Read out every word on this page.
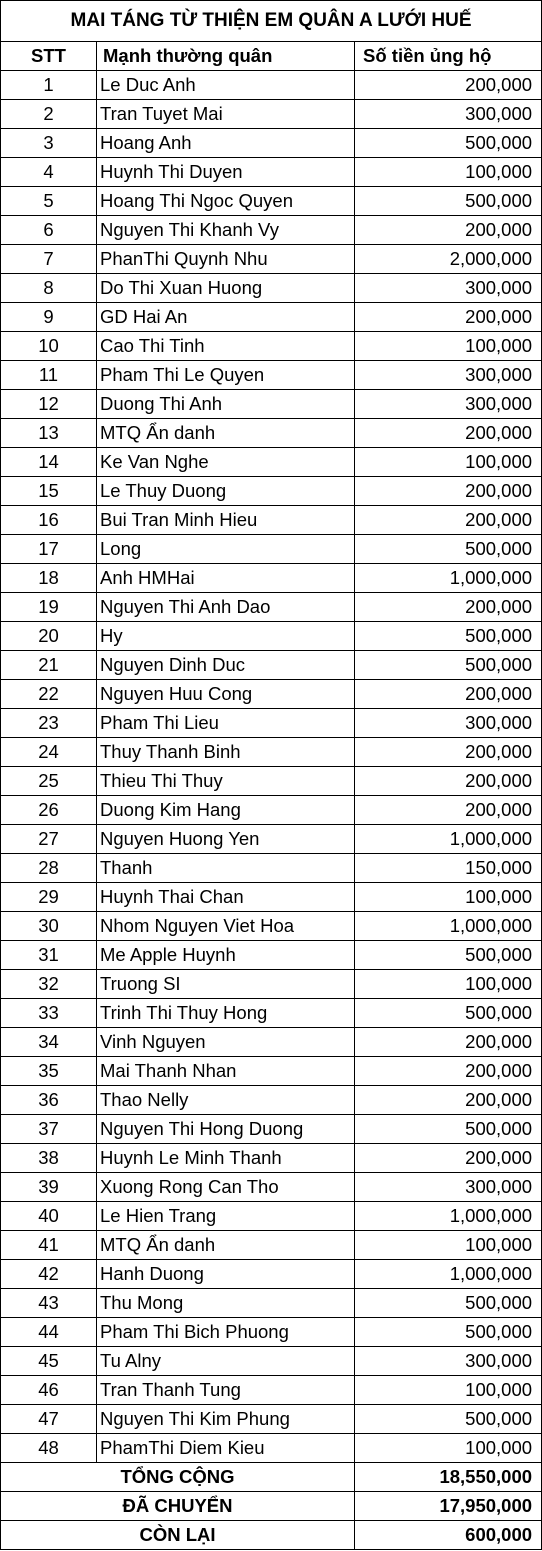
MAI TÁNG TỪ THIỆN EM QUÂN A LƯỚI HUẾ		
STT	Mạnh thường quân	Số tiền ủng hộ
1	Le Duc Anh	200,000
2	Tran Tuyet Mai	300,000
3	Hoang Anh	500,000
4	Huynh Thi Duyen	100,000
5	Hoang Thi Ngoc Quyen	500,000
6	Nguyen Thi Khanh Vy	200,000
7	PhanThi Quynh Nhu	2,000,000
8	Do Thi Xuan Huong	300,000
9	GD Hai An	200,000
10	Cao Thi Tinh	100,000
11	Pham Thi Le Quyen	300,000
12	Duong Thi Anh	300,000
13	MTQ Ẩn danh	200,000
14	Ke Van Nghe	100,000
15	Le Thuy Duong	200,000
16	Bui Tran Minh Hieu	200,000
17	Long	500,000
18	Anh HMHai	1,000,000
19	Nguyen Thi Anh Dao	200,000
20	Hy	500,000
21	Nguyen Dinh Duc	500,000
22	Nguyen Huu Cong	200,000
23	Pham Thi Lieu	300,000
24	Thuy Thanh Binh	200,000
25	Thieu Thi Thuy	200,000
26	Duong Kim Hang	200,000
27	Nguyen Huong Yen	1,000,000
28	Thanh	150,000
29	Huynh Thai Chan	100,000
30	Nhom Nguyen Viet Hoa	1,000,000
31	Me Apple Huynh	500,000
32	Truong SI	100,000
33	Trinh Thi Thuy Hong	500,000
34	Vinh Nguyen	200,000
35	Mai Thanh Nhan	200,000
36	Thao Nelly	200,000
37	Nguyen Thi Hong Duong	500,000
38	Huynh Le Minh Thanh	200,000
39	Xuong Rong Can Tho	300,000
40	Le Hien Trang	1,000,000
41	MTQ Ẩn danh	100,000
42	Hanh Duong	1,000,000
43	Thu Mong	500,000
44	Pham Thi Bich Phuong	500,000
45	Tu Alny	300,000
46	Tran Thanh Tung	100,000
47	Nguyen Thi Kim Phung	500,000
48	PhamThi Diem Kieu	100,000
TỔNG CỘNG		18,550,000
ĐÃ CHUYỂN		17,950,000
CÒN LẠI		600,000
